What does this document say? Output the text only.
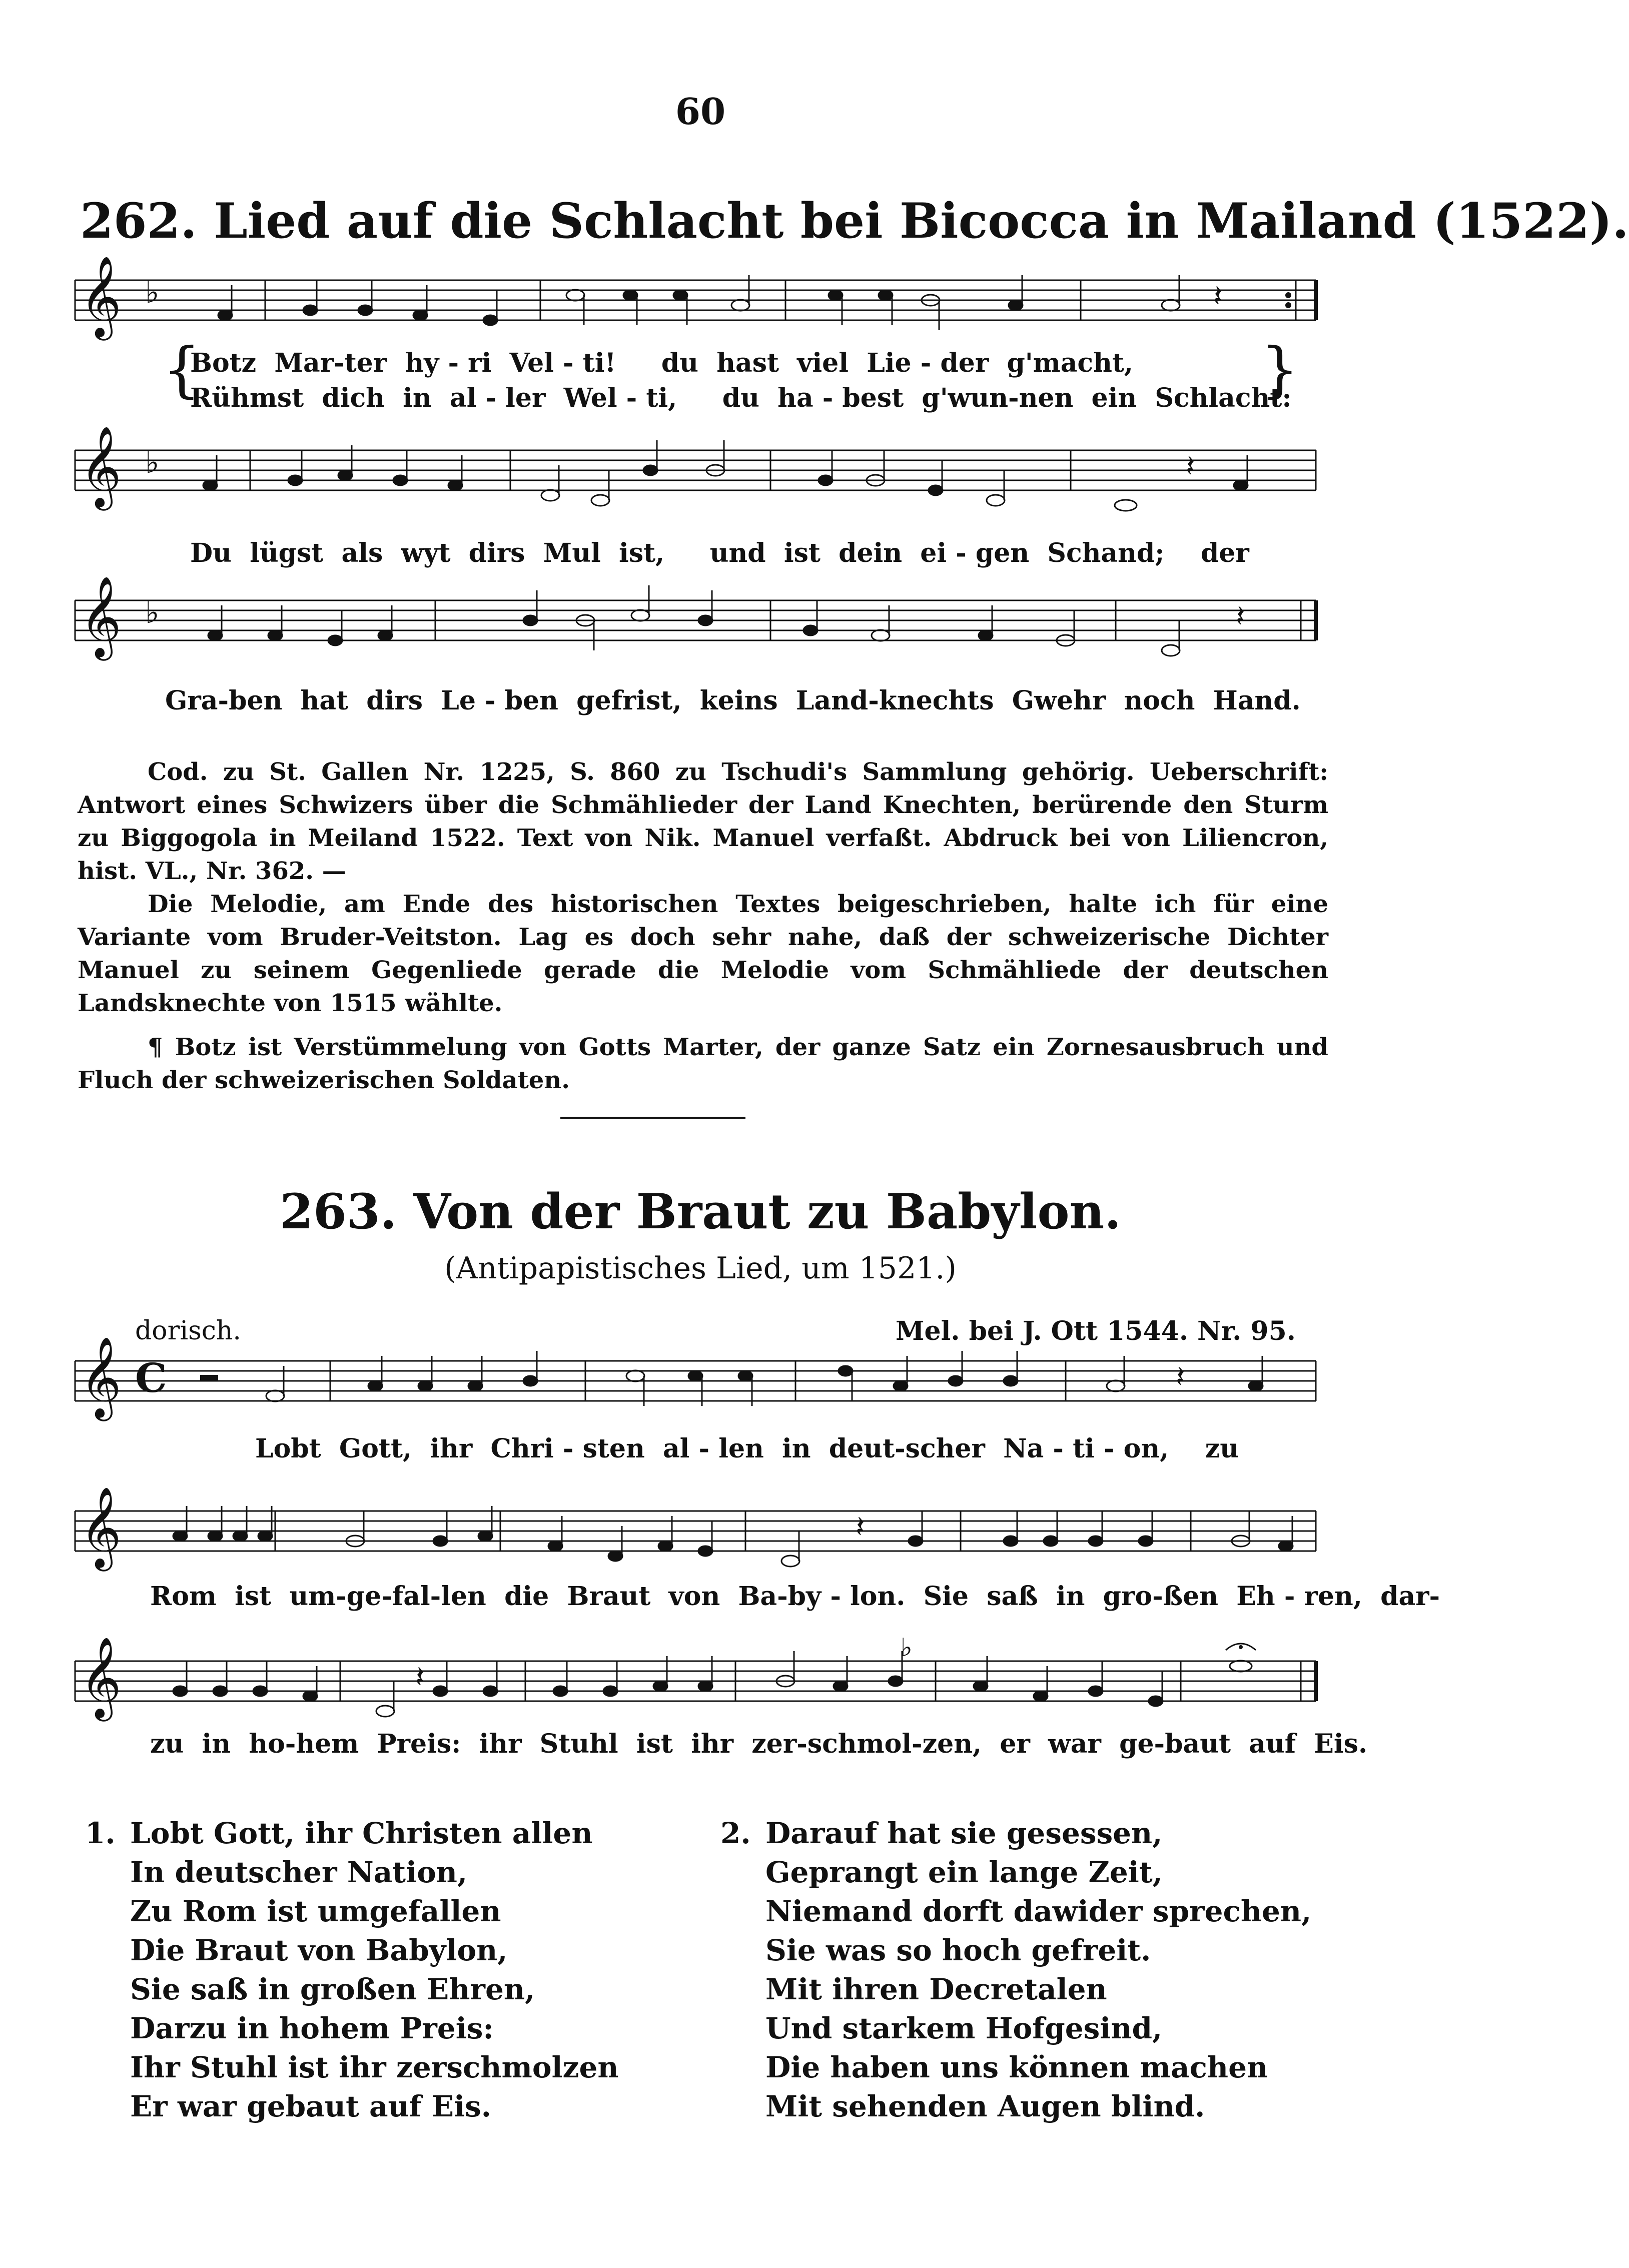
60
262. Lied auf die Schlacht bei Bicocca in Mailand (1522).
𝄞 ♭	𝄽
{	}
Botz  Mar-ter  hy - ri  Vel - ti!     du  hast  viel  Lie - der  g'macht,
Rühmst  dich  in  al - ler  Wel - ti,     du  ha - best  g'wun-nen  ein  Schlacht:
𝄞 ♭	𝄽
Du  lügst  als  wyt  dirs  Mul  ist,     und  ist  dein  ei - gen  Schand;    der
𝄞 ♭	𝄽
Gra-ben  hat  dirs  Le - ben  gefrist,  keins  Land-knechts  Gwehr  noch  Hand.

Cod. zu St. Gallen Nr. 1225, S. 860 zu Tschudi's Sammlung gehörig. Ueberschrift: Antwort eines Schwizers über die Schmählieder der Land Knechten, berürende den Sturm zu Biggogola in Meiland 1522. Text von Nik. Manuel verfaßt. Abdruck bei von Liliencron, hist. VL., Nr. 362. —

Die Melodie, am Ende des historischen Textes beigeschrieben, halte ich für eine Variante vom Bruder-Veitston. Lag es doch sehr nahe, daß der schweizerische Dichter Manuel zu seinem Gegenliede gerade die Melodie vom Schmähliede der deutschen Landsknechte von 1515 wählte.

¶ Botz ist Verstümmelung von Gotts Marter, der ganze Satz ein Zornesausbruch und Fluch der schweizerischen Soldaten.

263. Von der Braut zu Babylon.
(Antipapistisches Lied, um 1521.)
dorisch.	Mel. bei J. Ott 1544. Nr. 95.
𝄞 C	𝄽
Lobt  Gott,  ihr  Chri - sten  al - len  in  deut-scher  Na - ti - on,    zu
𝄞	𝄽
Rom  ist  um-ge-fal-len  die  Braut  von  Ba-by - lon.  Sie  saß  in  gro-ßen  Eh - ren,  dar-
𝄞	♭
𝄽
zu  in  ho-hem  Preis:  ihr  Stuhl  ist  ihr  zer-schmol-zen,  er  war  ge-baut  auf  Eis.
1. Lobt Gott, ihr Christen allen
In deutscher Nation,
Zu Rom ist umgefallen
Die Braut von Babylon,
Sie saß in großen Ehren,
Darzu in hohem Preis:
Ihr Stuhl ist ihr zerschmolzen
Er war gebaut auf Eis.
2. Darauf hat sie gesessen,
Geprangt ein lange Zeit,
Niemand dorft dawider sprechen,
Sie was so hoch gefreit.
Mit ihren Decretalen
Und starkem Hofgesind,
Die haben uns können machen
Mit sehenden Augen blind.
